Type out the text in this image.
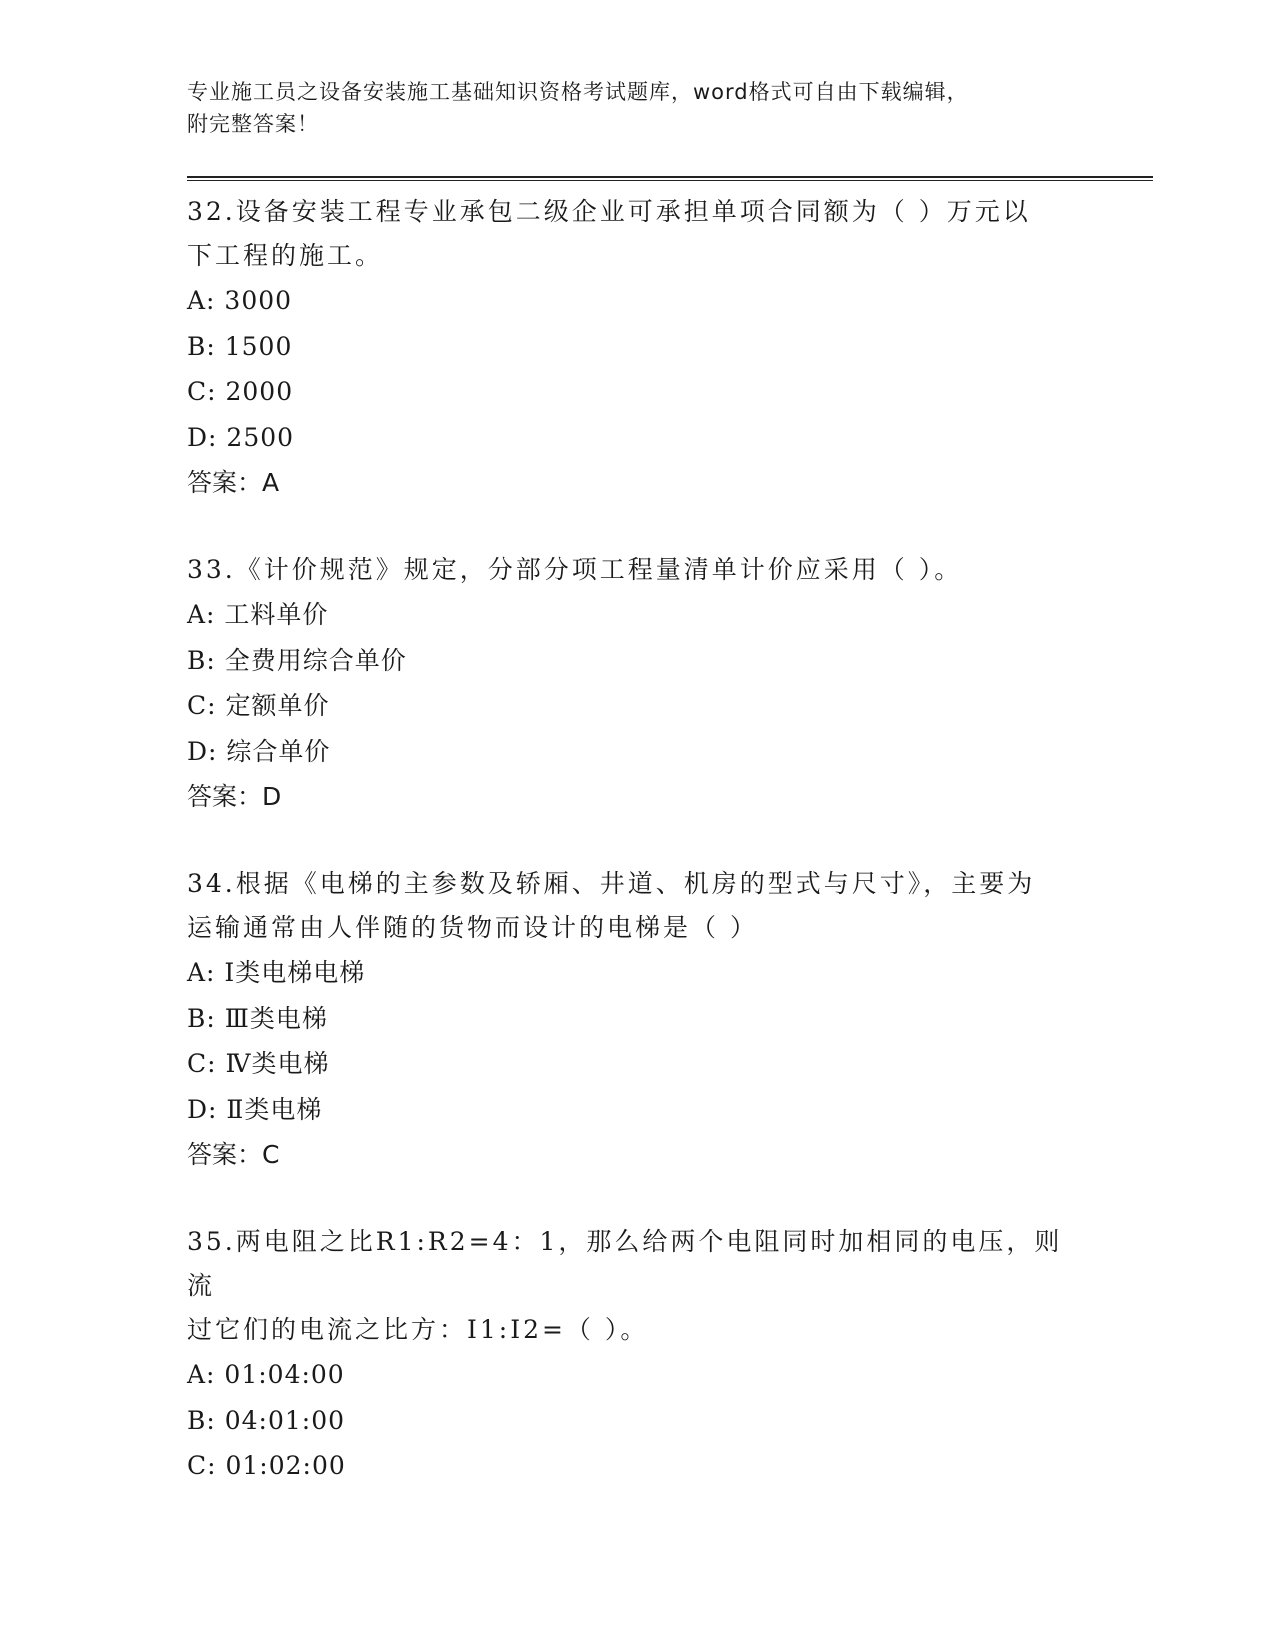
专业施工员之设备安装施工基础知识资格考试题库，word格式可自由下载编辑，
附完整答案！

32.设备安装工程专业承包二级企业可承担单项合同额为（ ）万元以

下工程的施工。

A: 3000

B: 1500

C: 2000

D: 2500

答案：A

33.《计价规范》规定，分部分项工程量清单计价应采用（ ）。

A: 工料单价

B: 全费用综合单价

C: 定额单价

D: 综合单价

答案：D

34.根据《电梯的主参数及轿厢、井道、机房的型式与尺寸》，主要为

运输通常由人伴随的货物而设计的电梯是（ ）

A: Ⅰ类电梯电梯

B: Ⅲ类电梯

C: Ⅳ类电梯

D: Ⅱ类电梯

答案：C

35.两电阻之比R1:R2=4：1，那么给两个电阻同时加相同的电压，则流

过它们的电流之比方：I1:I2=（ ）。

A: 01:04:00

B: 04:01:00

C: 01:02:00
